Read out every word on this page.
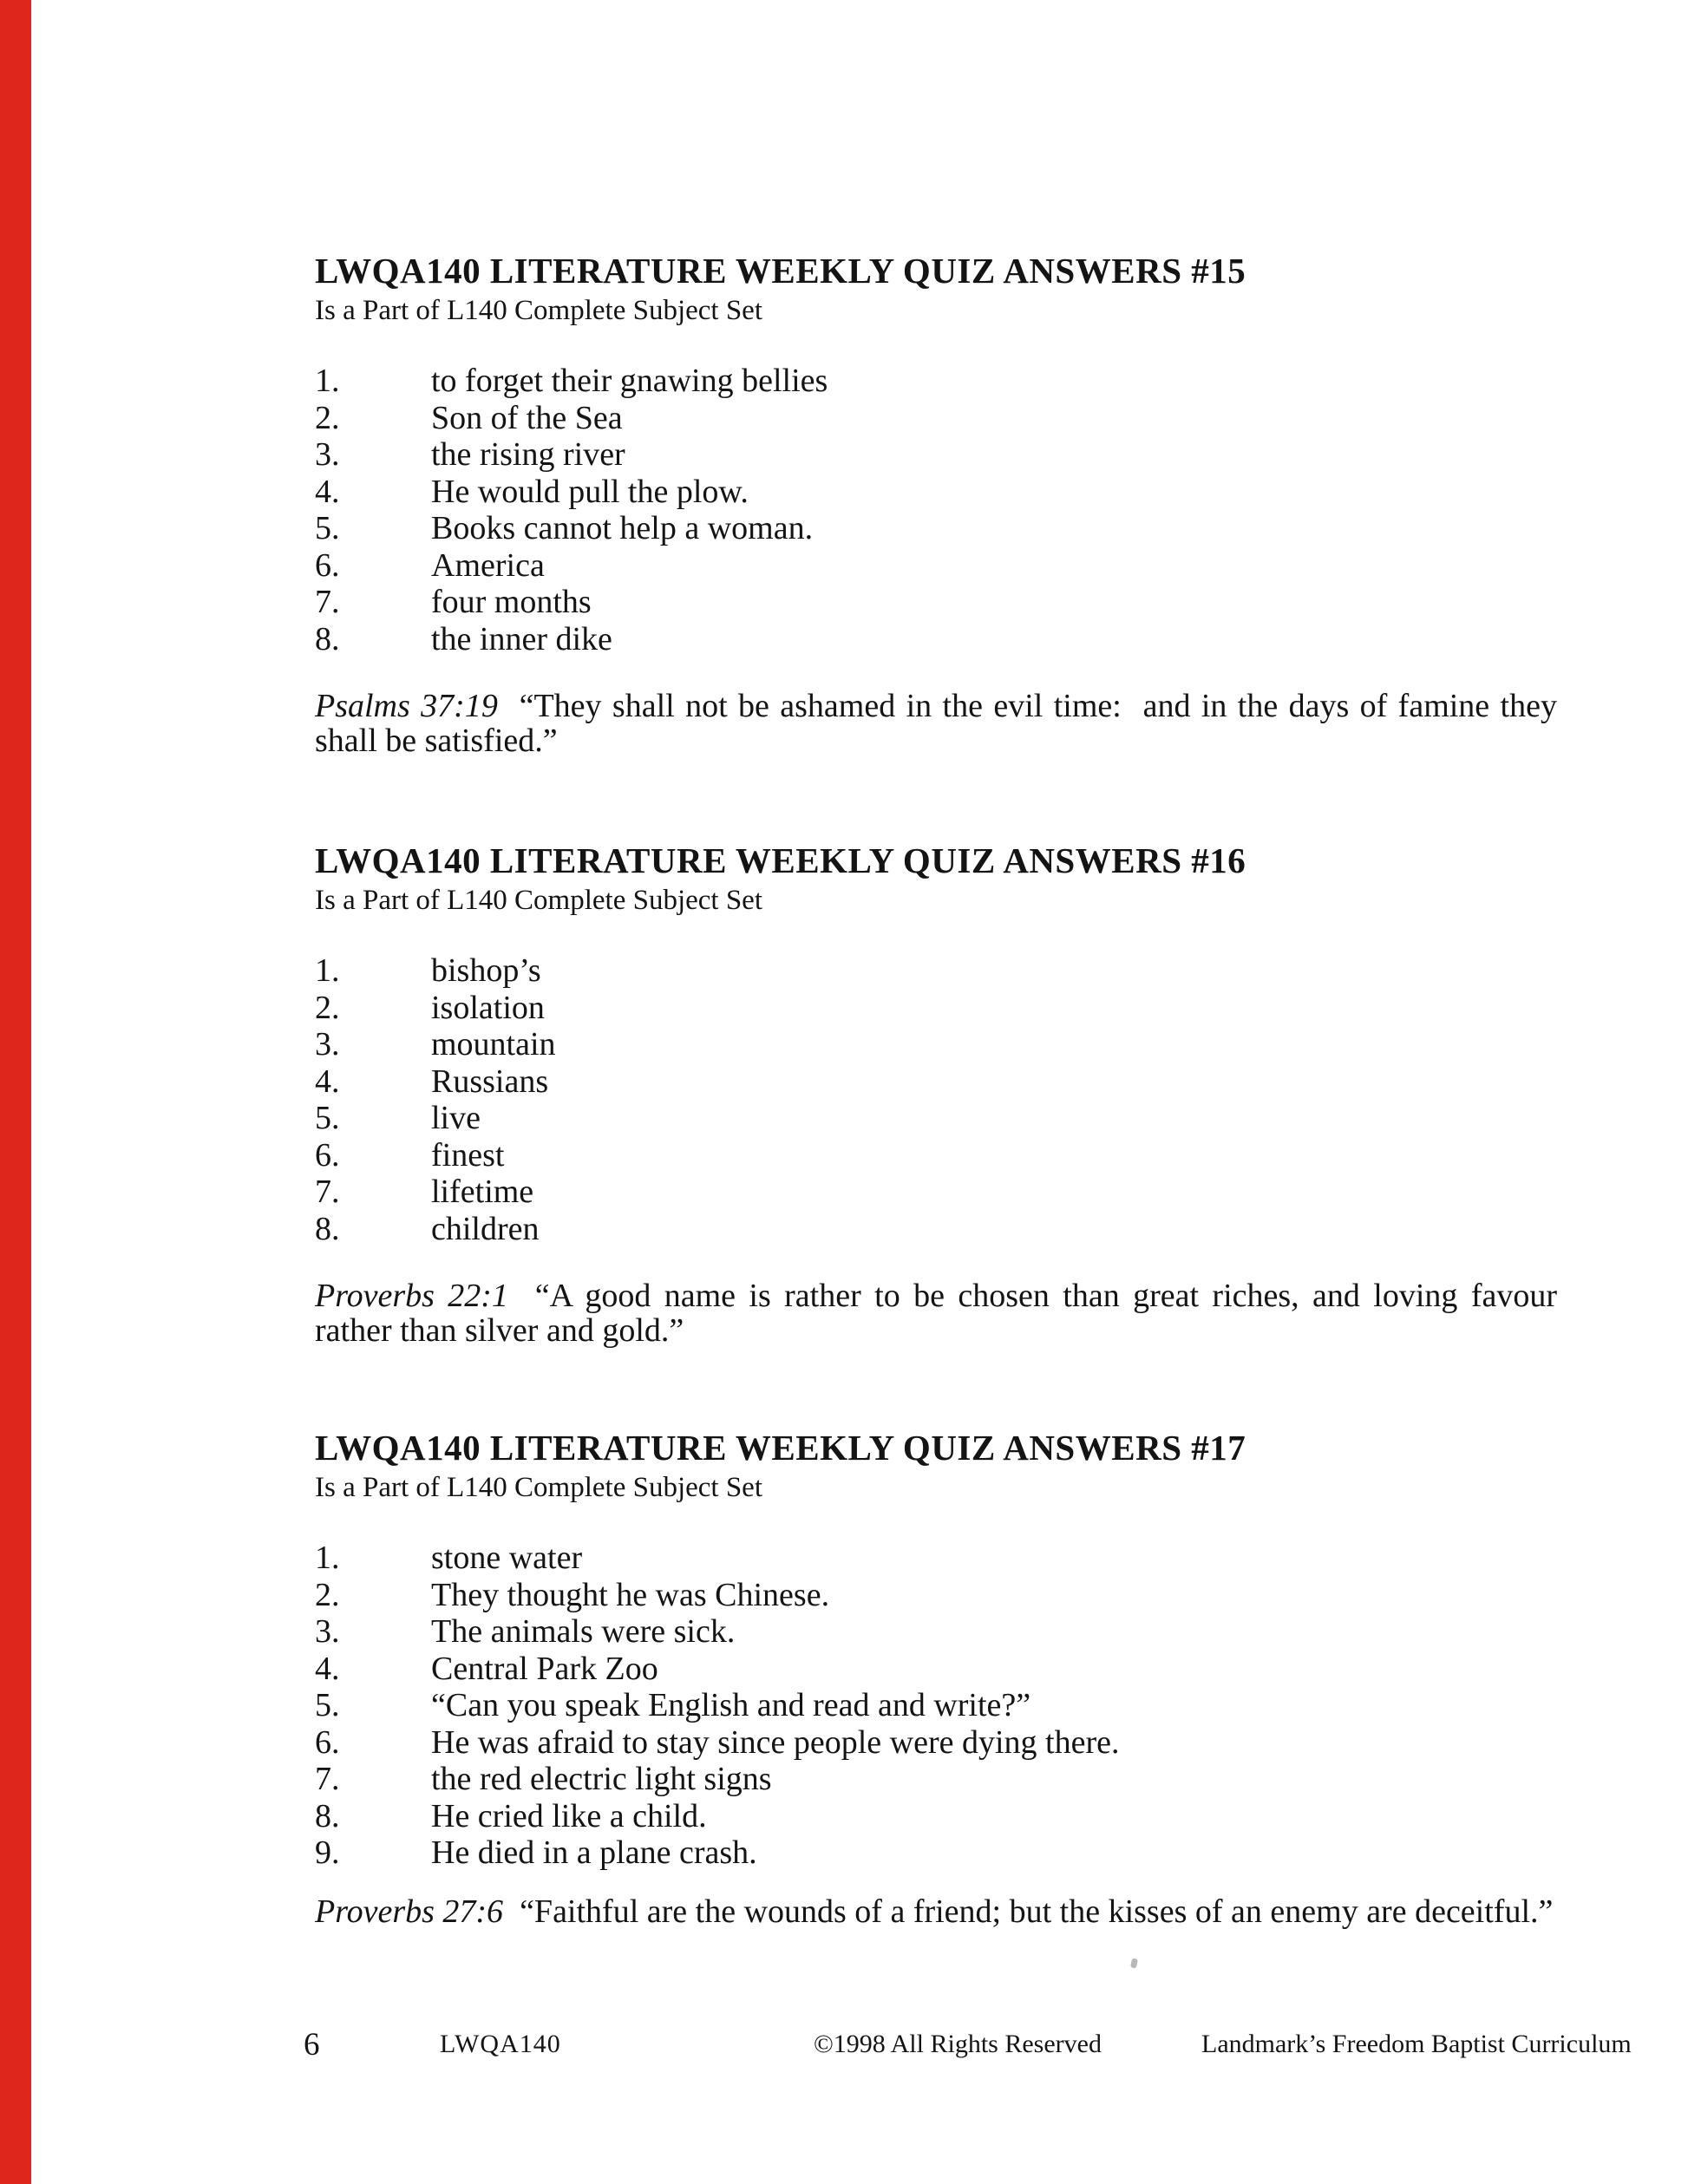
LWQA140 LITERATURE WEEKLY QUIZ ANSWERS #15

Is a Part of L140 Complete Subject Set

1.	to forget their gnawing bellies
2.	Son of the Sea
3.	the rising river
4.	He would pull the plow.
5.	Books cannot help a woman.
6.	America
7.	four months
8.	the inner dike

Psalms 37:19  “They shall not be ashamed in the evil time:  and in the days of famine they shall be satisfied.”

LWQA140 LITERATURE WEEKLY QUIZ ANSWERS #16

Is a Part of L140 Complete Subject Set

1.	bishop’s
2.	isolation
3.	mountain
4.	Russians
5.	live
6.	finest
7.	lifetime
8.	children

Proverbs 22:1  “A good name is rather to be chosen than great riches, and loving favour rather than silver and gold.”

LWQA140 LITERATURE WEEKLY QUIZ ANSWERS #17

Is a Part of L140 Complete Subject Set

1.	stone water
2.	They thought he was Chinese.
3.	The animals were sick.
4.	Central Park Zoo
5.	“Can you speak English and read and write?”
6.	He was afraid to stay since people were dying there.
7.	the red electric light signs
8.	He cried like a child.
9.	He died in a plane crash.

Proverbs 27:6  “Faithful are the wounds of a friend; but the kisses of an enemy are deceitful.”

6	LWQA140	©1998 All Rights Reserved	Landmark’s Freedom Baptist Curriculum
